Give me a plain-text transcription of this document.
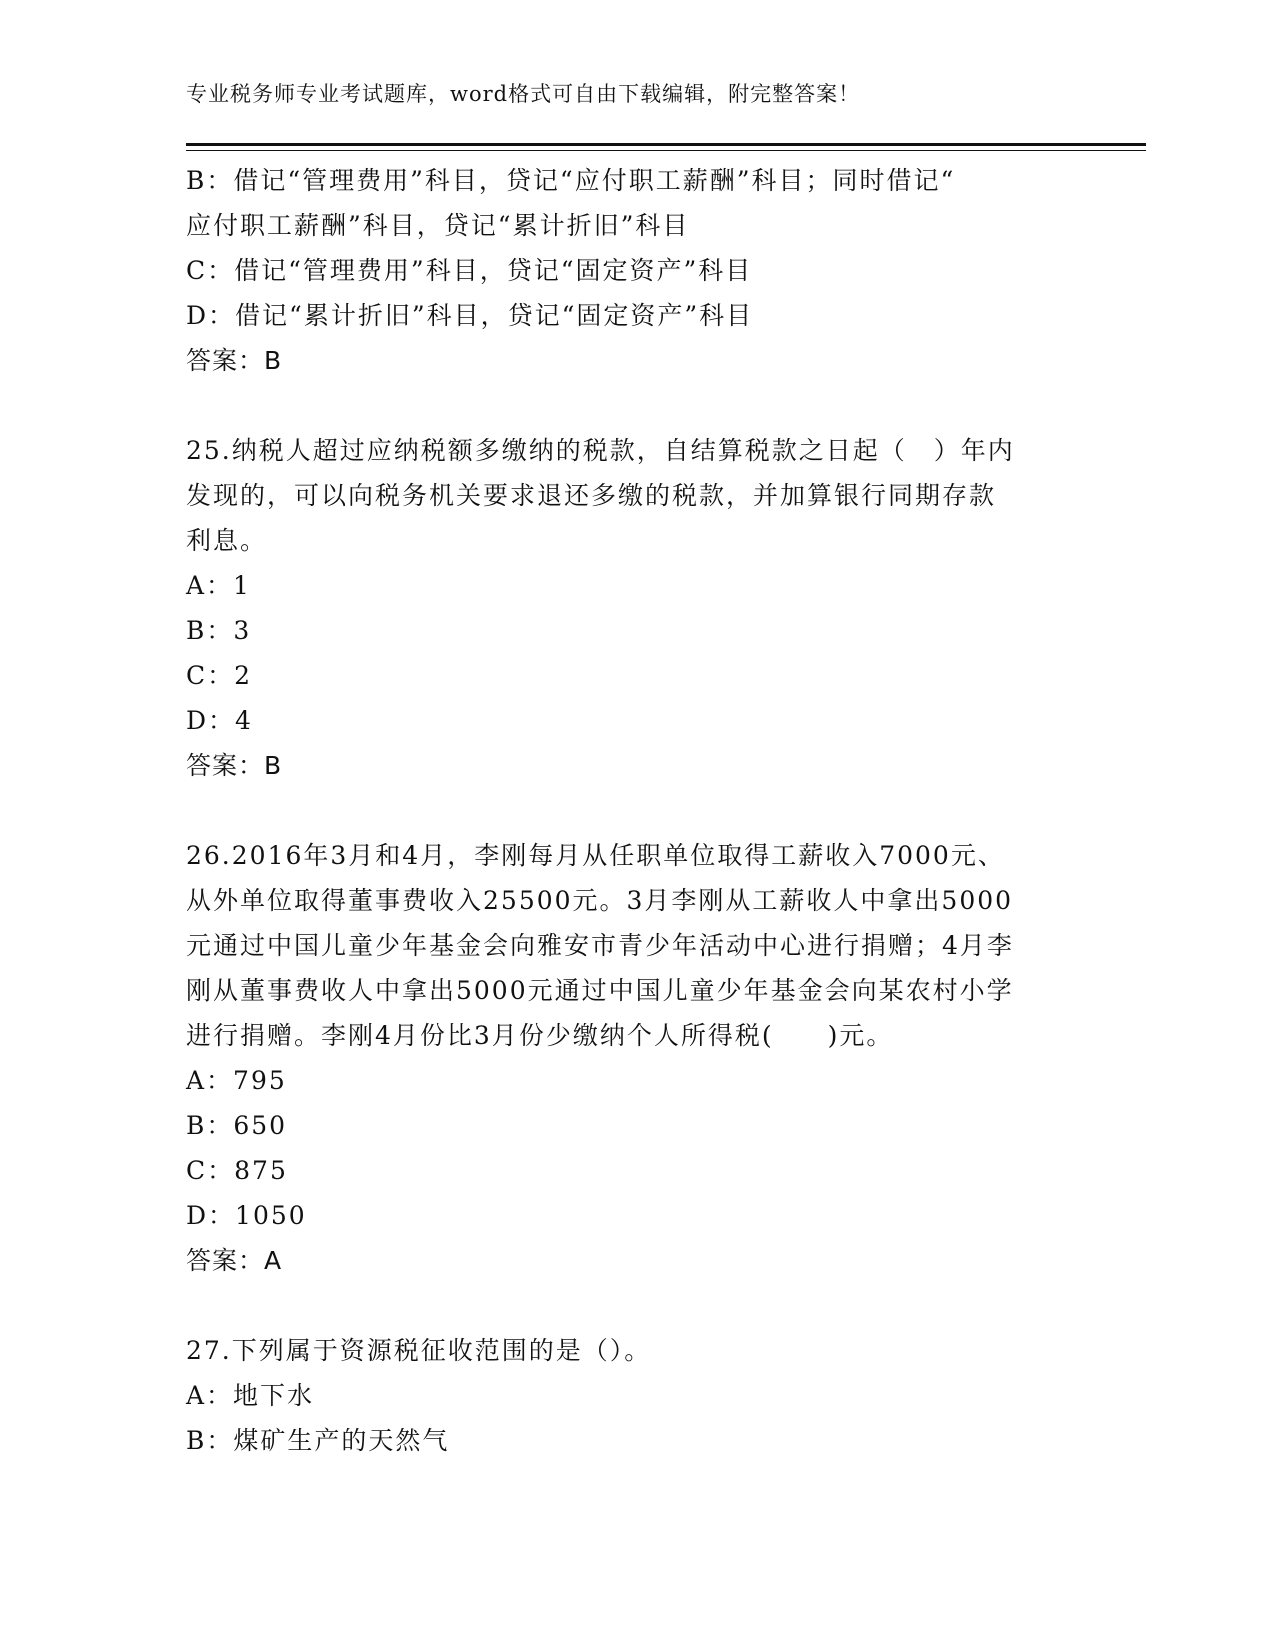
专业税务师专业考试题库，word格式可自由下载编辑，附完整答案！
B：借记“管理费用”科目，贷记“应付职工薪酬”科目；同时借记“
应付职工薪酬”科目，贷记“累计折旧”科目
C：借记“管理费用”科目，贷记“固定资产”科目
D：借记“累计折旧”科目，贷记“固定资产”科目
答案：B
25.纳税人超过应纳税额多缴纳的税款，自结算税款之日起（　）年内
发现的，可以向税务机关要求退还多缴的税款，并加算银行同期存款
利息。
A：1
B：3
C：2
D：4
答案：B
26.2016年3月和4月，李刚每月从任职单位取得工薪收入7000元、
从外单位取得董事费收入25500元。3月李刚从工薪收人中拿出5000
元通过中国儿童少年基金会向雅安市青少年活动中心进行捐赠；4月李
刚从董事费收人中拿出5000元通过中国儿童少年基金会向某农村小学
进行捐赠。李刚4月份比3月份少缴纳个人所得税(　　)元。
A：795
B：650
C：875
D：1050
答案：A
27.下列属于资源税征收范围的是（）。
A：地下水
B：煤矿生产的天然气
